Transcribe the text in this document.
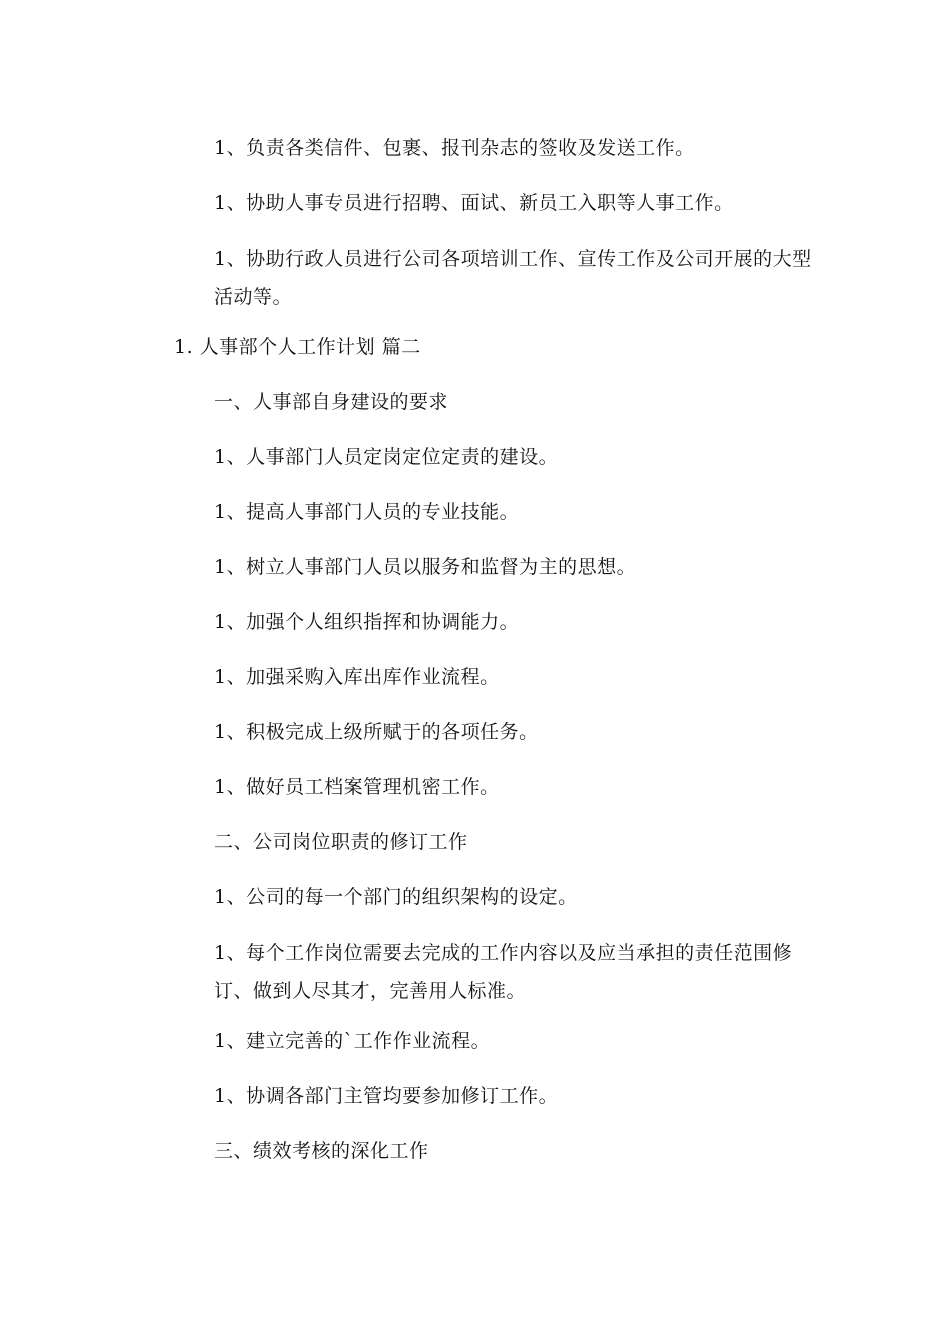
1、负责各类信件、包裹、报刊杂志的签收及发送工作。
1、协助人事专员进行招聘、面试、新员工入职等人事工作。
1、协助行政人员进行公司各项培训工作、宣传工作及公司开展的大型活动等。
1. 人事部个人工作计划 篇二
一、人事部自身建设的要求
1、人事部门人员定岗定位定责的建设。
1、提高人事部门人员的专业技能。
1、树立人事部门人员以服务和监督为主的思想。
1、加强个人组织指挥和协调能力。
1、加强采购入库出库作业流程。
1、积极完成上级所赋于的各项任务。
1、做好员工档案管理机密工作。
二、公司岗位职责的修订工作
1、公司的每一个部门的组织架构的设定。
1、每个工作岗位需要去完成的工作内容以及应当承担的责任范围修订、做到人尽其才，完善用人标准。
1、建立完善的`工作作业流程。
1、协调各部门主管均要参加修订工作。
三、绩效考核的深化工作
